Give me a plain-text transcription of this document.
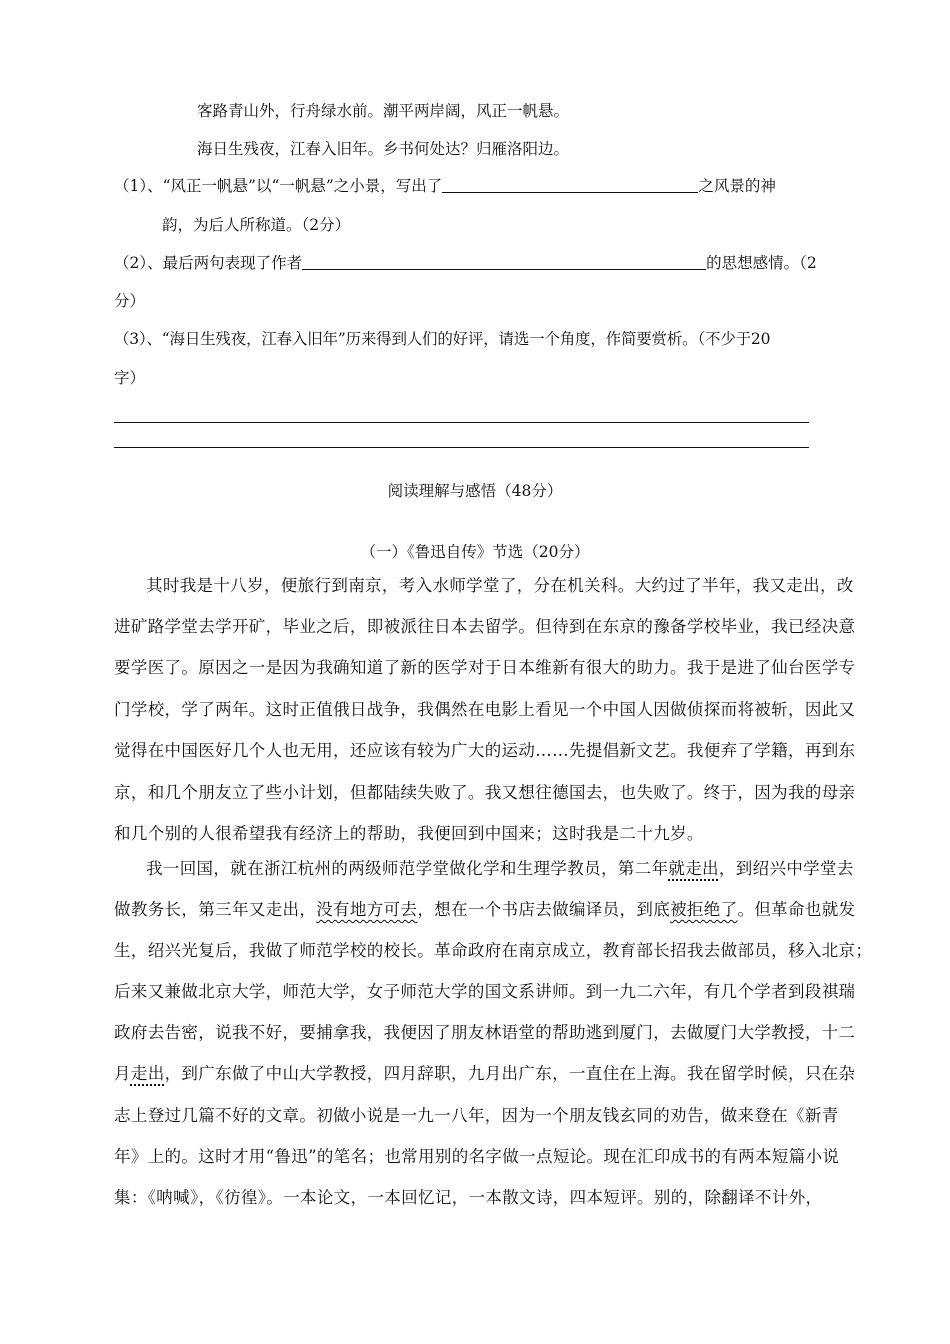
客路青山外，行舟绿水前。潮平两岸阔，风正一帆悬。
海日生残夜，江春入旧年。乡书何处达？归雁洛阳边。
（1）、“风正一帆悬”以“一帆悬”之小景，写出了	之风景的神
韵，为后人所称道。（2分）
（2）、最后两句表现了作者	的思想感情。（2
分）
（3）、“海日生残夜，江春入旧年”历来得到人们的好评，请选一个角度，作简要赏析。（不少于20
字）
阅读理解与感悟（48分）
（一）《鲁迅自传》节选（20分）
其时我是十八岁，便旅行到南京，考入水师学堂了，分在机关科。大约过了半年，我又走出，改
进矿路学堂去学开矿，毕业之后，即被派往日本去留学。但待到在东京的豫备学校毕业，我已经决意
要学医了。原因之一是因为我确知道了新的医学对于日本维新有很大的助力。我于是进了仙台医学专
门学校，学了两年。这时正值俄日战争，我偶然在电影上看见一个中国人因做侦探而将被斩，因此又
觉得在中国医好几个人也无用，还应该有较为广大的运动……先提倡新文艺。我便弃了学籍，再到东
京，和几个朋友立了些小计划，但都陆续失败了。我又想往德国去，也失败了。终于，因为我的母亲
和几个别的人很希望我有经济上的帮助，我便回到中国来；这时我是二十九岁。
我一回国，就在浙江杭州的两级师范学堂做化学和生理学教员，第二年就走出，到绍兴中学堂去
做教务长，第三年又走出，没有地方可去，想在一个书店去做编译员，到底被拒绝了。但革命也就发
生，绍兴光复后，我做了师范学校的校长。革命政府在南京成立，教育部长招我去做部员，移入北京；
后来又兼做北京大学，师范大学，女子师范大学的国文系讲师。到一九二六年，有几个学者到段祺瑞
政府去告密，说我不好，要捕拿我，我便因了朋友林语堂的帮助逃到厦门，去做厦门大学教授，十二
月走出，到广东做了中山大学教授，四月辞职，九月出广东，一直住在上海。我在留学时候，只在杂
志上登过几篇不好的文章。初做小说是一九一八年，因为一个朋友钱玄同的劝告，做来登在《新青
年》上的。这时才用“鲁迅”的笔名；也常用别的名字做一点短论。现在汇印成书的有两本短篇小说
集：《呐喊》，《彷徨》。一本论文，一本回忆记，一本散文诗，四本短评。别的，除翻译不计外，
